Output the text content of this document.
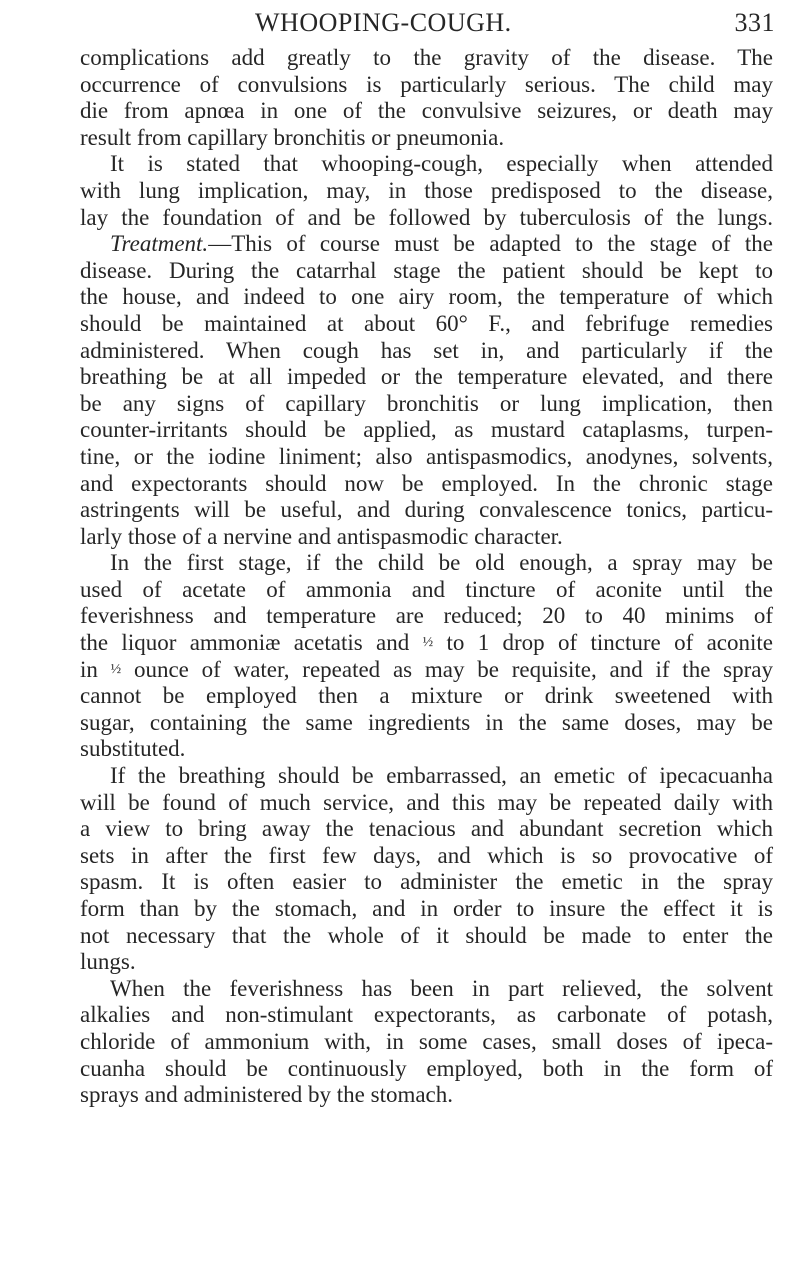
WHOOPING-COUGH.	331
complications add greatly to the gravity of the disease. The
occurrence of convulsions is particularly serious. The child may
die from apnœa in one of the convulsive seizures, or death may
result from capillary bronchitis or pneumonia.
It is stated that whooping-cough, especially when attended
with lung implication, may, in those predisposed to the disease,
lay the foundation of and be followed by tuberculosis of the lungs.
Treatment.—This of course must be adapted to the stage of the
disease. During the catarrhal stage the patient should be kept to
the house, and indeed to one airy room, the temperature of which
should be maintained at about 60° F., and febrifuge remedies
administered. When cough has set in, and particularly if the
breathing be at all impeded or the temperature elevated, and there
be any signs of capillary bronchitis or lung implication, then
counter-irritants should be applied, as mustard cataplasms, turpen-
tine, or the iodine liniment; also antispasmodics, anodynes, solvents,
and expectorants should now be employed. In the chronic stage
astringents will be useful, and during convalescence tonics, particu-
larly those of a nervine and antispasmodic character.
In the first stage, if the child be old enough, a spray may be
used of acetate of ammonia and tincture of aconite until the
feverishness and temperature are reduced; 20 to 40 minims of
the liquor ammoniæ acetatis and ½ to 1 drop of tincture of aconite
in ½ ounce of water, repeated as may be requisite, and if the spray
cannot be employed then a mixture or drink sweetened with
sugar, containing the same ingredients in the same doses, may be
substituted.
If the breathing should be embarrassed, an emetic of ipecacuanha
will be found of much service, and this may be repeated daily with
a view to bring away the tenacious and abundant secretion which
sets in after the first few days, and which is so provocative of
spasm. It is often easier to administer the emetic in the spray
form than by the stomach, and in order to insure the effect it is
not necessary that the whole of it should be made to enter the
lungs.
When the feverishness has been in part relieved, the solvent
alkalies and non-stimulant expectorants, as carbonate of potash,
chloride of ammonium with, in some cases, small doses of ipeca-
cuanha should be continuously employed, both in the form of
sprays and administered by the stomach.
